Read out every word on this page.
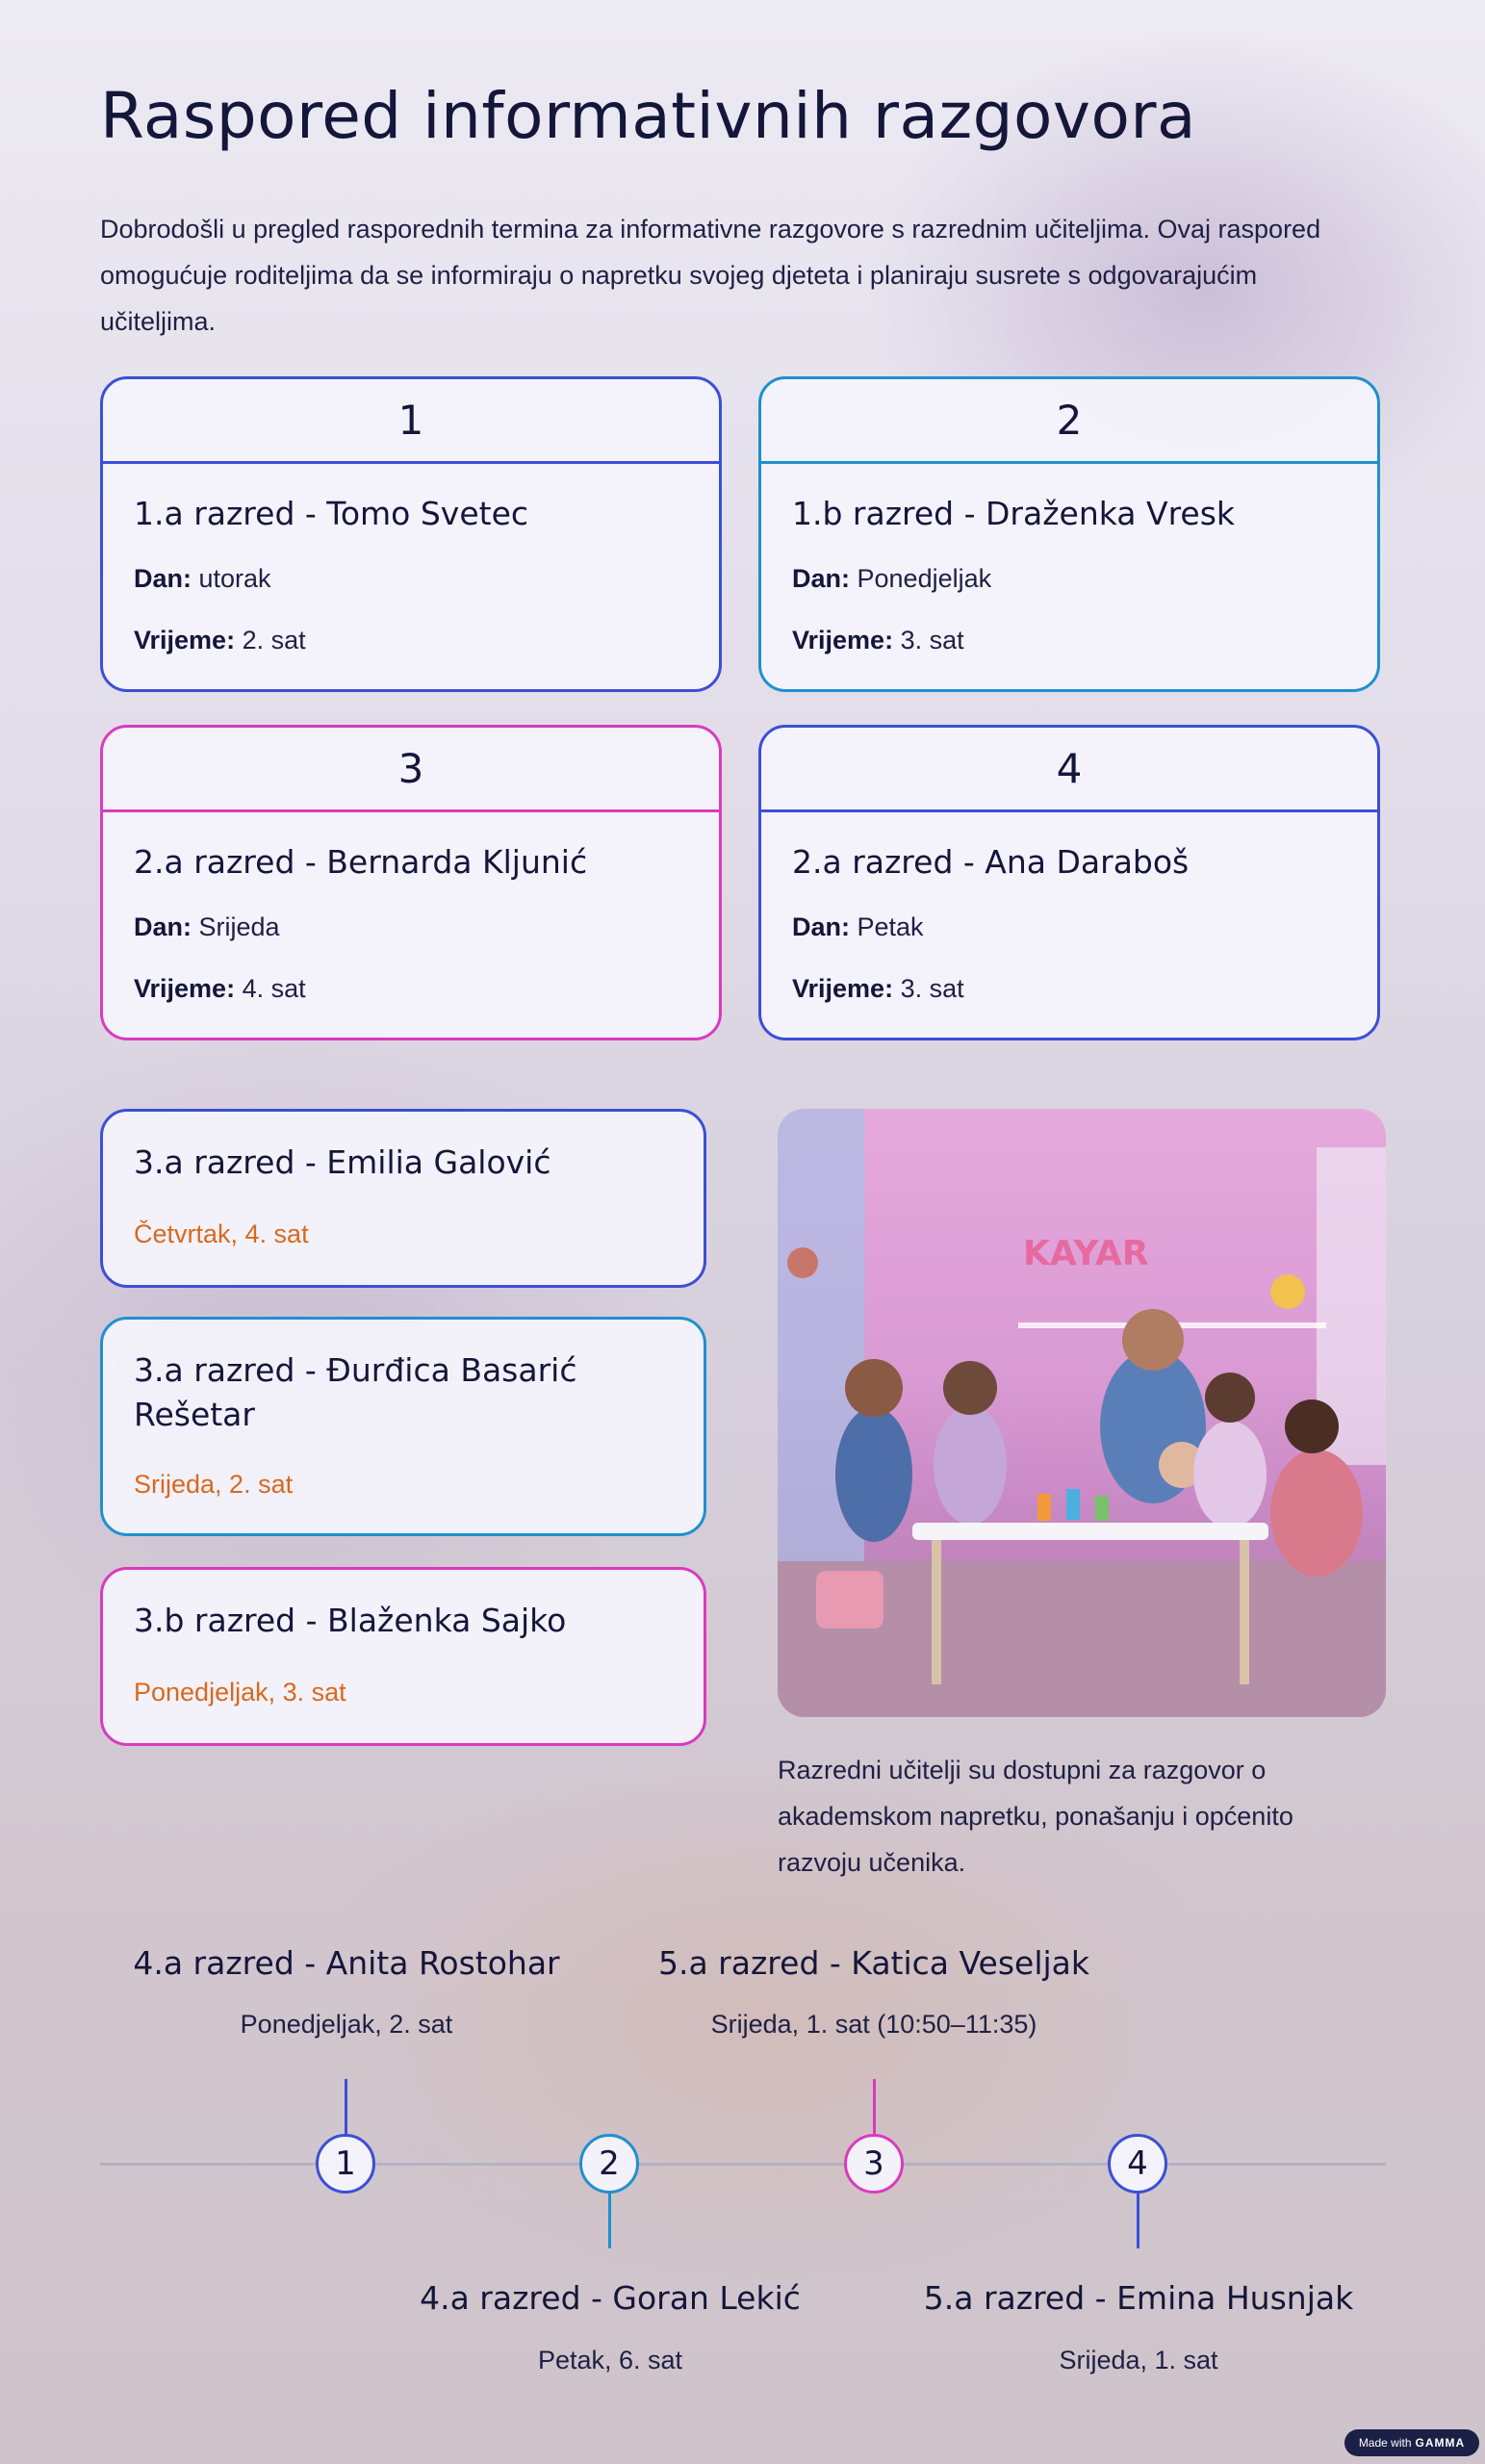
Raspored informativnih razgovora

Dobrodošli u pregled rasporednih termina za informativne razgovore s razrednim učiteljima. Ovaj raspored omogućuje roditeljima da se informiraju o napretku svojeg djeteta i planiraju susrete s odgovarajućim učiteljima.

1
1.a razred - Tomo Svetec
Dan: utorak
Vrijeme: 2. sat
2
1.b razred - Draženka Vresk
Dan: Ponedjeljak
Vrijeme: 3. sat
3
2.a razred - Bernarda Kljunić
Dan: Srijeda
Vrijeme: 4. sat
4
2.a razred - Ana Daraboš
Dan: Petak
Vrijeme: 3. sat
3.a razred - Emilia Galović
Četvrtak, 4. sat
3.a razred - Đurđica Basarić Rešetar
Srijeda, 2. sat
3.b razred - Blaženka Sajko
Ponedjeljak, 3. sat
KAYAR

Razredni učitelji su dostupni za razgovor o akademskom napretku, ponašanju i općenito razvoju učenika.

4.a razred - Anita Rostohar
Ponedjeljak, 2. sat
1	2
4.a razred - Goran Lekić
Petak, 6. sat
5.a razred - Katica Veseljak
Srijeda, 1. sat (10:50–11:35)
3	4
5.a razred - Emina Husnjak
Srijeda, 1. sat
Made with GAMMA
